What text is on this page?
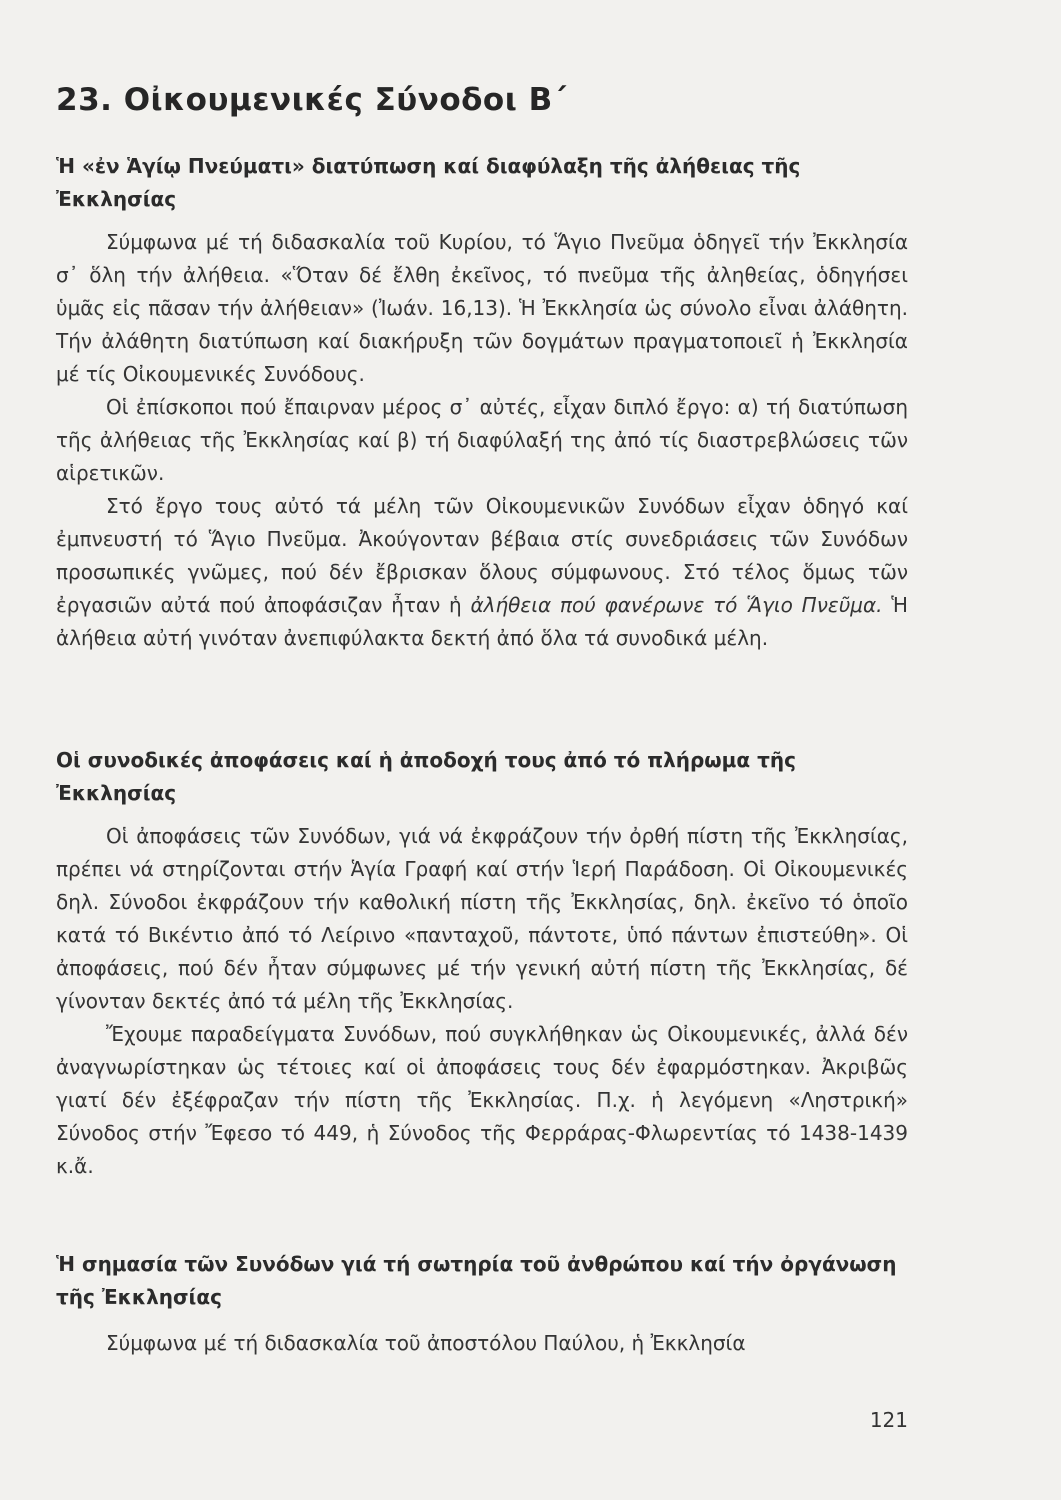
23. Οἰκουμενικές Σύνοδοι Β΄
Ἡ «ἐν Ἁγίῳ Πνεύματι» διατύπωση καί διαφύλαξη τῆς ἀλήθειας τῆς Ἐκκλησίας

Σύμφωνα μέ τή διδασκαλία τοῦ Κυρίου, τό Ἅγιο Πνεῦμα ὁδηγεῖ τήν Ἐκκλησία σ᾿ ὅλη τήν ἀλήθεια. «Ὅταν δέ ἔλθη ἐκεῖνος, τό πνεῦμα τῆς ἀληθείας, ὁδηγήσει ὑμᾶς εἰς πᾶσαν τήν ἀλήθειαν» (Ἰωάν. 16,13). Ἡ Ἐκκλησία ὡς σύνολο εἶναι ἀλάθητη. Τήν ἀλάθητη διατύπωση καί διακήρυξη τῶν δογμάτων πραγματοποιεῖ ἡ Ἐκκλησία μέ τίς Οἰκουμενικές Συνόδους.

Οἱ ἐπίσκοποι πού ἔπαιρναν μέρος σ᾿ αὐτές, εἶχαν διπλό ἔργο: α) τή διατύπωση τῆς ἀλήθειας τῆς Ἐκκλησίας καί β) τή διαφύλαξή της ἀπό τίς διαστρεβλώσεις τῶν αἱρετικῶν.

Στό ἔργο τους αὐτό τά μέλη τῶν Οἰκουμενικῶν Συνόδων εἶχαν ὁδηγό καί ἐμπνευστή τό Ἅγιο Πνεῦμα. Ἀκούγονταν βέβαια στίς συνεδριάσεις τῶν Συνόδων προσωπικές γνῶμες, πού δέν ἔβρισκαν ὅλους σύμφωνους. Στό τέλος ὅμως τῶν ἐργασιῶν αὐτά πού ἀποφάσιζαν ἦταν ἡ ἀλήθεια πού φανέρωνε τό Ἅγιο Πνεῦμα. Ἡ ἀλήθεια αὐτή γινόταν ἀνεπιφύλακτα δεκτή ἀπό ὅλα τά συνοδικά μέλη.

Οἱ συνοδικές ἀποφάσεις καί ἡ ἀποδοχή τους ἀπό τό πλήρωμα τῆς Ἐκκλησίας

Οἱ ἀποφάσεις τῶν Συνόδων, γιά νά ἐκφράζουν τήν ὀρθή πίστη τῆς Ἐκκλησίας, πρέπει νά στηρίζονται στήν Ἁγία Γραφή καί στήν Ἱερή Παράδοση. Οἱ Οἰκουμενικές δηλ. Σύνοδοι ἐκφράζουν τήν καθολική πίστη τῆς Ἐκκλησίας, δηλ. ἐκεῖνο τό ὁποῖο κατά τό Βικέντιο ἀπό τό Λείρινο «πανταχοῦ, πάντοτε, ὑπό πάντων ἐπιστεύθη». Οἱ ἀποφάσεις, πού δέν ἦταν σύμφωνες μέ τήν γενική αὐτή πίστη τῆς Ἐκκλησίας, δέ γίνονταν δεκτές ἀπό τά μέλη τῆς Ἐκκλησίας.

Ἔχουμε παραδείγματα Συνόδων, πού συγκλήθηκαν ὡς Οἰκουμενικές, ἀλλά δέν ἀναγνωρίστηκαν ὡς τέτοιες καί οἱ ἀποφάσεις τους δέν ἐφαρμόστηκαν. Ἀκριβῶς γιατί δέν ἐξέφραζαν τήν πίστη τῆς Ἐκκλησίας. Π.χ. ἡ λεγόμενη «Ληστρική» Σύνοδος στήν Ἔφεσο τό 449, ἡ Σύνοδος τῆς Φερράρας-Φλωρεντίας τό 1438-1439 κ.ἄ.

Ἡ σημασία τῶν Συνόδων γιά τή σωτηρία τοῦ ἀνθρώπου καί τήν ὀργάνωση τῆς Ἐκκλησίας

Σύμφωνα μέ τή διδασκαλία τοῦ ἀποστόλου Παύλου, ἡ Ἐκκλησία

121
